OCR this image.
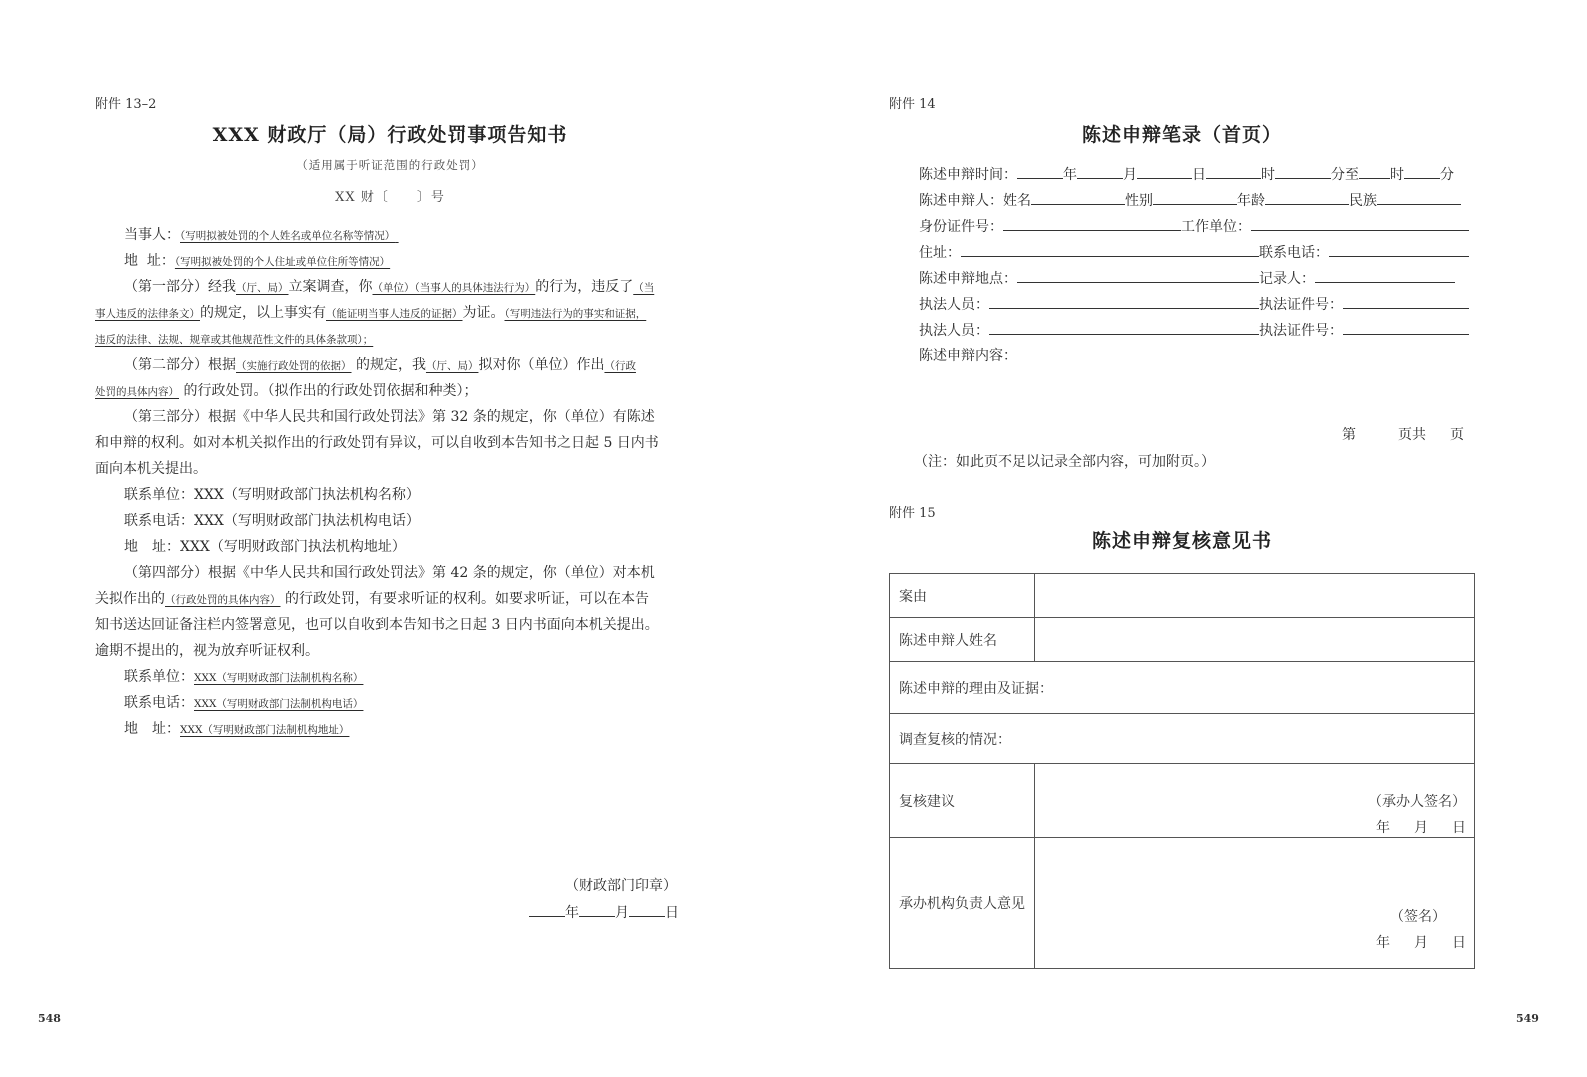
附件 13–2
XXX 财政厅（局）行政处罚事项告知书
（适用属于听证范围的行政处罚）
XX 财〔　　〕号
当事人：（写明拟被处罚的个人姓名或单位名称等情况）
地  址：（写明拟被处罚的个人住址或单位住所等情况）
（第一部分）经我（厅、局）立案调查，你（单位）（当事人的具体违法行为）的行为，违反了（当
事人违反的法律条文）的规定，以上事实有（能证明当事人违反的证据）为证。（写明违法行为的事实和证据，
违反的法律、法规、规章或其他规范性文件的具体条款项）；
（第二部分）根据（实施行政处罚的依据） 的规定，我（厅、局）拟对你（单位）作出（行政
处罚的具体内容） 的行政处罚。（拟作出的行政处罚依据和种类）；
（第三部分）根据《中华人民共和国行政处罚法》第 32 条的规定，你（单位）有陈述
和申辩的权利。如对本机关拟作出的行政处罚有异议，可以自收到本告知书之日起 5 日内书
面向本机关提出。
联系单位：XXX（写明财政部门执法机构名称）
联系电话：XXX（写明财政部门执法机构电话）
地　址：XXX（写明财政部门执法机构地址）
（第四部分）根据《中华人民共和国行政处罚法》第 42 条的规定，你（单位）对本机
关拟作出的（行政处罚的具体内容） 的行政处罚，有要求听证的权利。如要求听证，可以在本告
知书送达回证备注栏内签署意见，也可以自收到本告知书之日起 3 日内书面向本机关提出。
逾期不提出的，视为放弃听证权利。
联系单位：XXX（写明财政部门法制机构名称）
联系电话：XXX（写明财政部门法制机构电话）
地　址：XXX（写明财政部门法制机构地址）
（财政部门印章）
年	月	日
548
附件 14
陈述申辩笔录（首页）
陈述申辩时间：	年	月	日	时	分至 时	分
陈述申辩人：姓名	性别	年龄	民族
身份证件号：	工作单位：
住址：	联系电话：
陈述申辩地点：	记录人：
执法人员：	执法证件号：
执法人员：	执法证件号：
陈述申辩内容：
第	页共 页
（注：如此页不足以记录全部内容，可加附页。）
附件 15
陈述申辩复核意见书
案由	
陈述申辩人姓名	
陈述申辩的理由及证据：	
调查复核的情况：	
复核建议	（承办人签名）
年 月 日

承办机构负责人意见	（签名）
年 月 日
549
